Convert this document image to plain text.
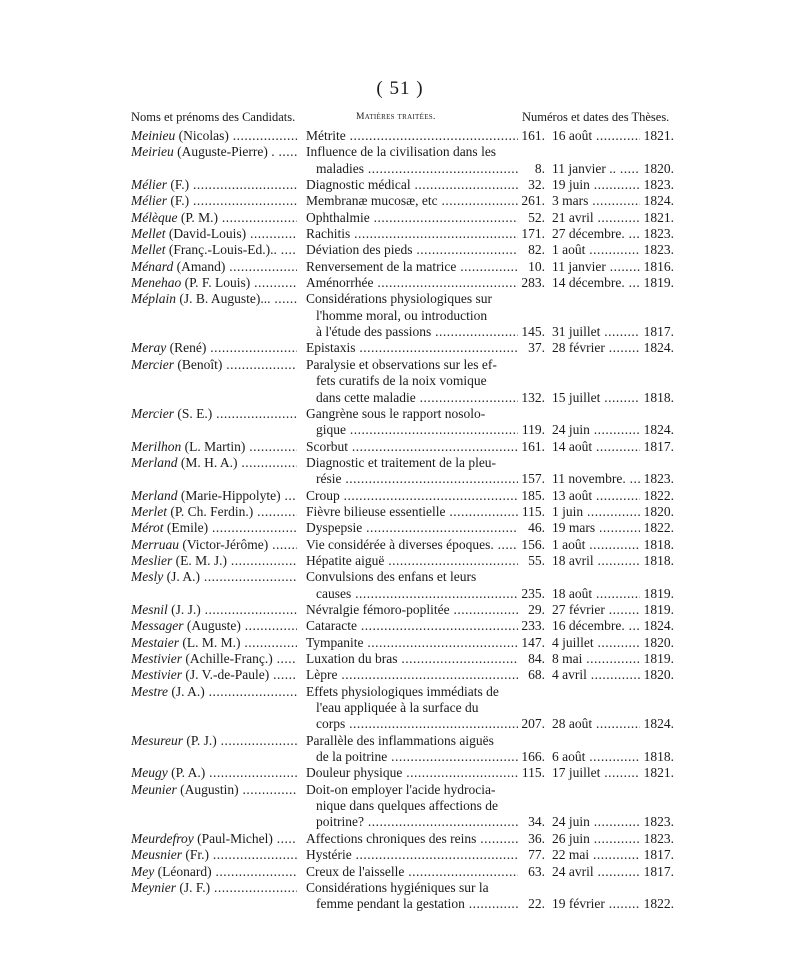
( 51 )
Noms et prénoms des Candidats.	Matières traitées.	Numéros et dates des Thèses.
Meinieu (Nicolas) .....	Métrite .....	161. 16 août .....	1821.
Meirieu (Auguste-Pierre) . .....	Influence de la civilisation dans les
maladies .....	8. 11 janvier .. .....	1820.
Mélier (F.) .....	Diagnostic médical .....	32. 19 juin .....	1823.
Mélier (F.) .....	Membranæ mucosæ, etc .....	261. 3 mars .....	1824.
Mélèque (P. M.) .....	Ophthalmie .....	52. 21 avril .....	1821.
Mellet (David-Louis) .....	Rachitis .....	171. 27 décembre. .....	1823.
Mellet (Franç.-Louis-Ed.).. .....	Déviation des pieds .....	82. 1 août .....	1823.
Ménard (Amand) .....	Renversement de la matrice .....	10. 11 janvier .....	1816.
Menehao (P. F. Louis) .....	Aménorrhée .....	283. 14 décembre. .....	1819.
Méplain (J. B. Auguste)... .....	Considérations physiologiques sur
l'homme moral, ou introduction
à l'étude des passions .....	145. 31 juillet .....	1817.
Meray (René) .....	Epistaxis .....	37. 28 février .....	1824.
Mercier (Benoît) .....	Paralysie et observations sur les ef-
fets curatifs de la noix vomique
dans cette maladie .....	132. 15 juillet .....	1818.
Mercier (S. E.) .....	Gangrène sous le rapport nosolo-
gique .....	119. 24 juin .....	1824.
Merilhon (L. Martin) .....	Scorbut .....	161. 14 août .....	1817.
Merland (M. H. A.) .....	Diagnostic et traitement de la pleu-
résie .....	157. 11 novembre. .....	1823.
Merland (Marie-Hippolyte) .....	Croup .....	185. 13 août .....	1822.
Merlet (P. Ch. Ferdin.) .....	Fièvre bilieuse essentielle .....	115. 1 juin .....	1820.
Mérot (Emile) .....	Dyspepsie .....	46. 19 mars .....	1822.
Merruau (Victor-Jérôme) .....	Vie considérée à diverses époques. .....	156. 1 août .....	1818.
Meslier (E. M. J.) .....	Hépatite aiguë .....	55. 18 avril .....	1818.
Mesly (J. A.) .....	Convulsions des enfans et leurs
causes .....	235. 18 août .....	1819.
Mesnil (J. J.) .....	Névralgie fémoro-poplitée .....	29. 27 février .....	1819.
Messager (Auguste) .....	Cataracte .....	233. 16 décembre. .....	1824.
Mestaier (L. M. M.) .....	Tympanite .....	147. 4 juillet .....	1820.
Mestivier (Achille-Franç.) .....	Luxation du bras .....	84. 8 mai .....	1819.
Mestivier (J. V.-de-Paule) .....	Lèpre .....	68. 4 avril .....	1820.
Mestre (J. A.) .....	Effets physiologiques immédiats de
l'eau appliquée à la surface du
corps .....	207. 28 août .....	1824.
Mesureur (P. J.) .....	Parallèle des inflammations aiguës
de la poitrine .....	166. 6 août .....	1818.
Meugy (P. A.) .....	Douleur physique .....	115. 17 juillet .....	1821.
Meunier (Augustin) .....	Doit-on employer l'acide hydrocia-
nique dans quelques affections de
poitrine? .....	34. 24 juin .....	1823.
Meurdefroy (Paul-Michel) .....	Affections chroniques des reins .....	36. 26 juin .....	1823.
Meusnier (Fr.) .....	Hystérie .....	77. 22 mai .....	1817.
Mey (Léonard) .....	Creux de l'aisselle .....	63. 24 avril .....	1817.
Meynier (J. F.) .....	Considérations hygiéniques sur la
femme pendant la gestation .....	22. 19 février .....	1822.
